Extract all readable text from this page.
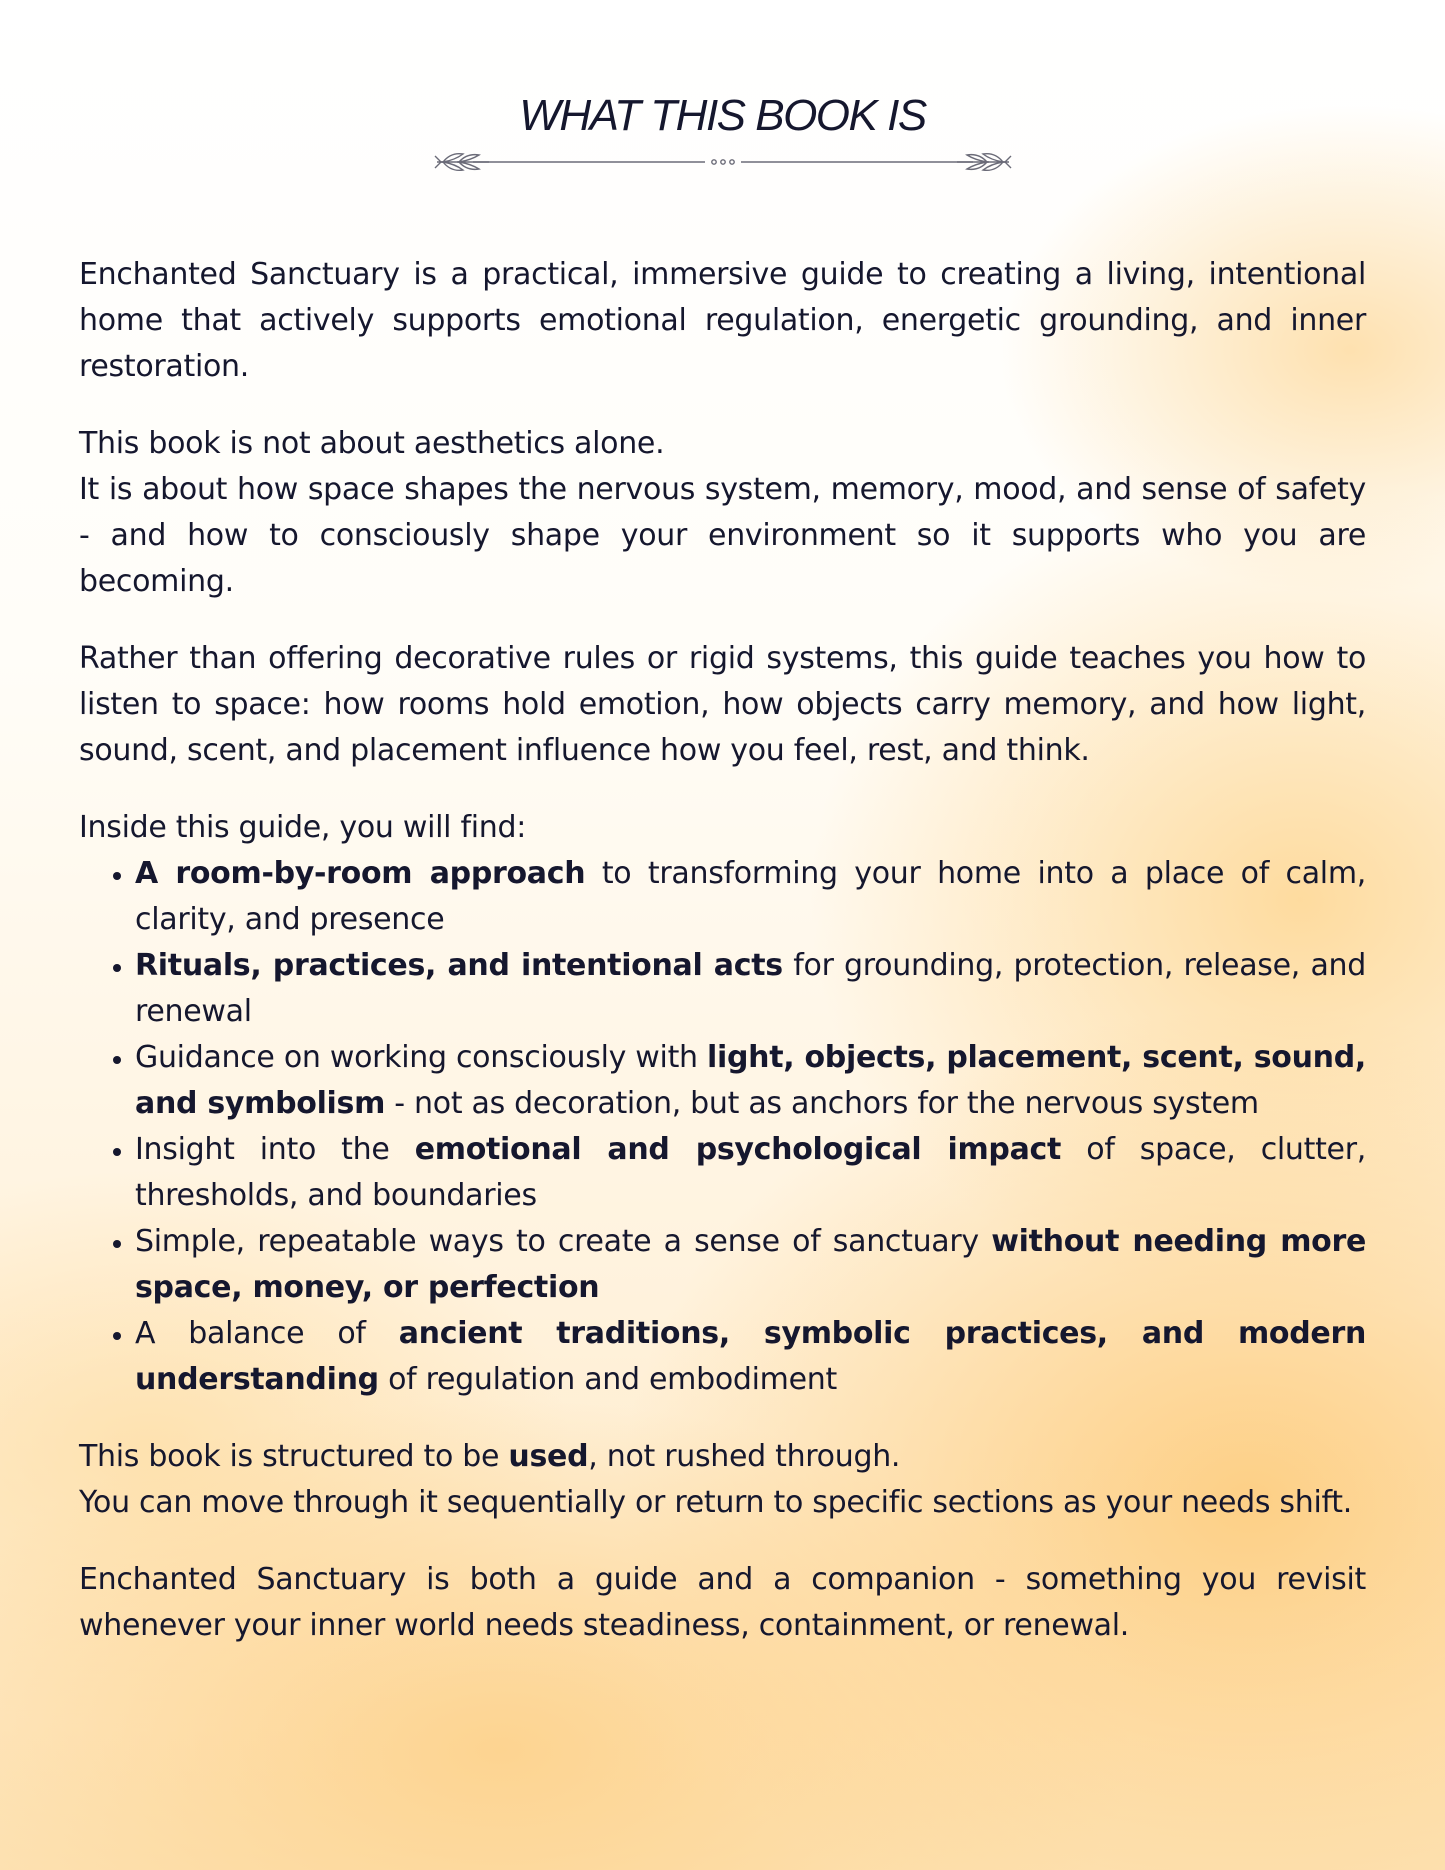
WHAT THIS BOOK IS

Enchanted Sanctuary is a practical, immersive guide to creating a living, intentional home that actively supports emotional regulation, energetic grounding, and inner restoration.

This book is not about aesthetics alone.
It is about how space shapes the nervous system, memory, mood, and sense of safety - and how to consciously shape your environment so it supports who you are becoming.

Rather than offering decorative rules or rigid systems, this guide teaches you how to listen to space: how rooms hold emotion, how objects carry memory, and how light, sound, scent, and placement influence how you feel, rest, and think.

Inside this guide, you will find:

• A room-by-room approach to transforming your home into a place of calm, clarity, and presence
• Rituals, practices, and intentional acts for grounding, protection, release, and renewal
• Guidance on working consciously with light, objects, placement, scent, sound, and symbolism - not as decoration, but as anchors for the nervous system
• Insight into the emotional and psychological impact of space, clutter, thresholds, and boundaries
• Simple, repeatable ways to create a sense of sanctuary without needing more space, money, or perfection
• A balance of ancient traditions, symbolic practices, and modern understanding of regulation and embodiment

This book is structured to be used, not rushed through.
You can move through it sequentially or return to specific sections as your needs shift.

Enchanted Sanctuary is both a guide and a companion - something you revisit whenever your inner world needs steadiness, containment, or renewal.
